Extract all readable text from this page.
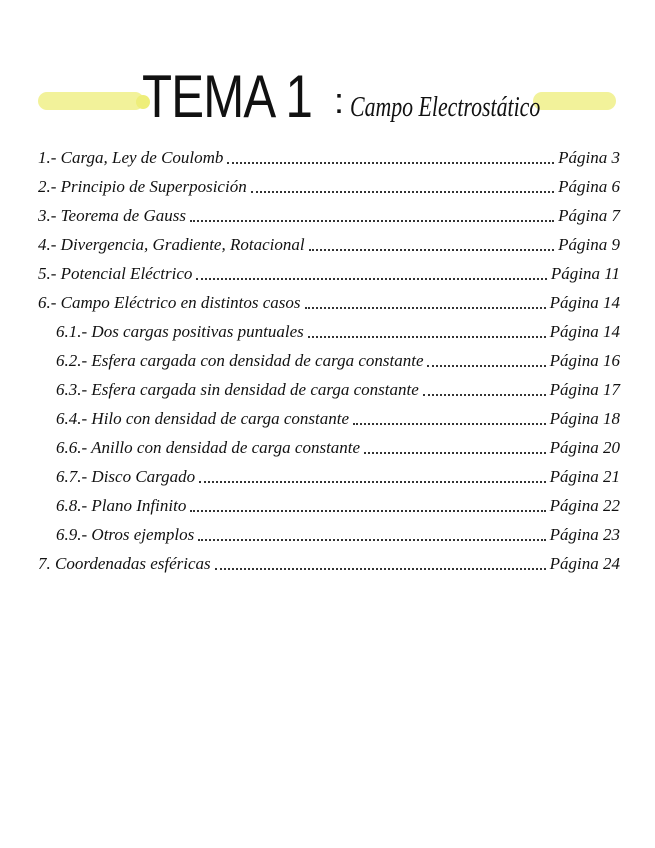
TEMA 1 : Campo Electrostático
1.- Carga, Ley de Coulomb	Página 3
2.- Principio de Superposición	Página 6
3.- Teorema de Gauss	Página 7
4.- Divergencia, Gradiente, Rotacional	Página 9
5.- Potencial Eléctrico	Página 11
6.- Campo Eléctrico en distintos casos	Página 14
6.1.- Dos cargas positivas puntuales	Página 14
6.2.- Esfera cargada con densidad de carga constante	Página 16
6.3.- Esfera cargada sin densidad de carga constante	Página 17
6.4.- Hilo con densidad de carga constante	Página 18
6.6.- Anillo con densidad de carga constante	Página 20
6.7.- Disco Cargado	Página 21
6.8.- Plano Infinito	Página 22
6.9.- Otros ejemplos	Página 23
7. Coordenadas esféricas	Página 24
